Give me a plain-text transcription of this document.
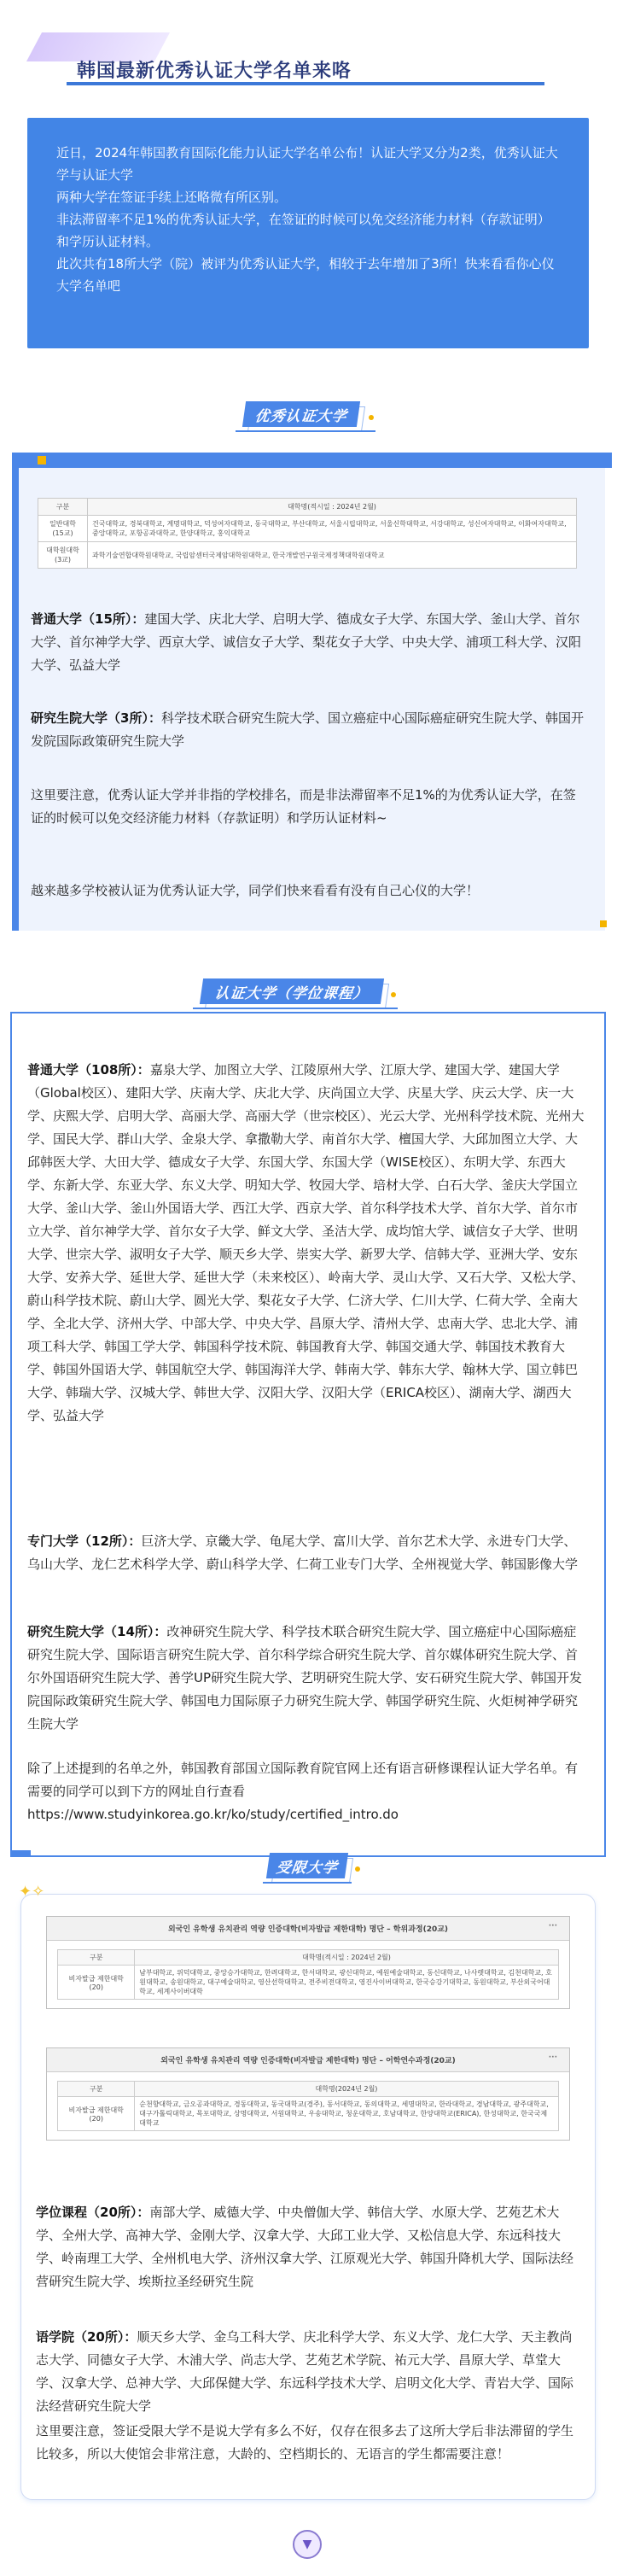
韩国最新优秀认证大学名单来咯

近日，2024年韩国教育国际化能力认证大学名单公布！认证大学又分为2类，优秀认证大学与认证大学

两种大学在签证手续上还略微有所区别。

非法滞留率不足1%的优秀认证大学，在签证的时候可以免交经济能力材料（存款证明）和学历认证材料。

此次共有18所大学（院）被评为优秀认证大学，相较于去年增加了3所！快来看看你心仪大学名单吧

优秀认证大学
구분	대학명(적시일 : 2024년 2월)
일반대학
(15교)	건국대학교, 경북대학교, 계명대학교, 덕성여자대학교, 동국대학교, 부산대학교, 서울시립대학교, 서울신학대학교, 서강대학교, 성신여자대학교, 이화여자대학교, 중앙대학교, 포항공과대학교, 한양대학교, 홍익대학교
대학원대학
(3교)	과학기술연합대학원대학교, 국립암센터국제암대학원대학교, 한국개발연구원국제정책대학원대학교
普通大学（15所）：建国大学、庆北大学、启明大学、德成女子大学、东国大学、釜山大学、首尔大学、首尔神学大学、西京大学、诚信女子大学、梨花女子大学、中央大学、浦项工科大学、汉阳大学、弘益大学
研究生院大学（3所）：科学技术联合研究生院大学、国立癌症中心国际癌症研究生院大学、韩国开发院国际政策研究生院大学
这里要注意，优秀认证大学并非指的学校排名，而是非法滞留率不足1%的为优秀认证大学，在签证的时候可以免交经济能力材料（存款证明）和学历认证材料~
越来越多学校被认证为优秀认证大学，同学们快来看看有没有自己心仪的大学！
认证大学（学位课程）
普通大学（108所）：嘉泉大学、加图立大学、江陵原州大学、江原大学、建国大学、建国大学（Global校区）、建阳大学、庆南大学、庆北大学、庆尚国立大学、庆星大学、庆云大学、庆一大学、庆熙大学、启明大学、高丽大学、高丽大学（世宗校区）、光云大学、光州科学技术院、光州大学、国民大学、群山大学、金泉大学、拿撒勒大学、南首尔大学、檀国大学、大邱加图立大学、大邱韩医大学、大田大学、德成女子大学、东国大学、东国大学（WISE校区）、东明大学、东西大学、东新大学、东亚大学、东义大学、明知大学、牧园大学、培材大学、白石大学、釜庆大学国立大学、釜山大学、釜山外国语大学、西江大学、西京大学、首尔科学技术大学、首尔大学、首尔市立大学、首尔神学大学、首尔女子大学、鲜文大学、圣洁大学、成均馆大学、诚信女子大学、世明大学、世宗大学、淑明女子大学、顺天乡大学、崇实大学、新罗大学、信韩大学、亚洲大学、安东大学、安养大学、延世大学、延世大学（未来校区）、岭南大学、灵山大学、又石大学、又松大学、蔚山科学技术院、蔚山大学、圆光大学、梨花女子大学、仁济大学、仁川大学、仁荷大学、全南大学、全北大学、济州大学、中部大学、中央大学、昌原大学、清州大学、忠南大学、忠北大学、浦项工科大学、韩国工学大学、韩国科学技术院、韩国教育大学、韩国交通大学、韩国技术教育大学、韩国外国语大学、韩国航空大学、韩国海洋大学、韩南大学、韩东大学、翰林大学、国立韩巴大学、韩瑞大学、汉城大学、韩世大学、汉阳大学、汉阳大学（ERICA校区）、湖南大学、湖西大学、弘益大学
专门大学（12所）：巨济大学、京畿大学、龟尾大学、富川大学、首尔艺术大学、永进专门大学、乌山大学、龙仁艺术科学大学、蔚山科学大学、仁荷工业专门大学、全州视觉大学、韩国影像大学
研究生院大学（14所）：改神研究生院大学、科学技术联合研究生院大学、国立癌症中心国际癌症研究生院大学、国际语言研究生院大学、首尔科学综合研究生院大学、首尔媒体研究生院大学、首尔外国语研究生院大学、善学UP研究生院大学、艺明研究生院大学、安石研究生院大学、韩国开发院国际政策研究生院大学、韩国电力国际原子力研究生院大学、韩国学研究生院、火炬树神学研究生院大学
除了上述提到的名单之外，韩国教育部国立国际教育院官网上还有语言研修课程认证大学名单。有需要的同学可以到下方的网址自行查看
https://www.studyinkorea.go.kr/ko/study/certified_intro.do
受限大学
✦✧
외국인 유학생 유치관리 역량 인증대학(비자발급 제한대학) 명단 – 학위과정(20교)	···
구분	대학명(적시일 : 2024년 2월)
비자발급 제한대학
(20)	남부대학교, 위덕대학교, 중앙승가대학교, 한려대학교, 한서대학교, 광신대학교, 예원예술대학교, 동신대학교, 나사렛대학교, 김천대학교, 호원대학교, 송원대학교, 대구예술대학교, 영산선학대학교, 전주비전대학교, 영진사이버대학교, 한국승강기대학교, 동원대학교, 부산외국어대학교, 세계사이버대학
외국인 유학생 유치관리 역량 인증대학(비자발급 제한대학) 명단 – 어학연수과정(20교)	···
구분	대학명(2024년 2월)
비자발급 제한대학
(20)	순천향대학교, 금오공과대학교, 경동대학교, 동국대학교(경주), 동서대학교, 동의대학교, 세명대학교, 한라대학교, 경남대학교, 광주대학교, 대구가톨릭대학교, 목포대학교, 상명대학교, 서원대학교, 우송대학교, 청운대학교, 호남대학교, 한양대학교(ERICA), 한성대학교, 한국국제대학교
学位课程（20所）：南部大学、威德大学、中央僧伽大学、韩信大学、水原大学、艺苑艺术大学、全州大学、高神大学、金刚大学、汉拿大学、大邱工业大学、又松信息大学、东远科技大学、岭南理工大学、全州机电大学、济州汉拿大学、江原观光大学、韩国升降机大学、国际法经营研究生院大学、埃斯拉圣经研究生院
语学院（20所）：顺天乡大学、金乌工科大学、庆北科学大学、东义大学、龙仁大学、天主教尚志大学、同德女子大学、木浦大学、尚志大学、艺苑艺术学院、祐元大学、昌原大学、草堂大学、汉拿大学、总神大学、大邱保健大学、东远科学技术大学、启明文化大学、青岩大学、国际法经营研究生院大学
这里要注意，签证受限大学不是说大学有多么不好，仅存在很多去了这所大学后非法滞留的学生比较多，所以大使馆会非常注意，大龄的、空档期长的、无语言的学生都需要注意！
▼
